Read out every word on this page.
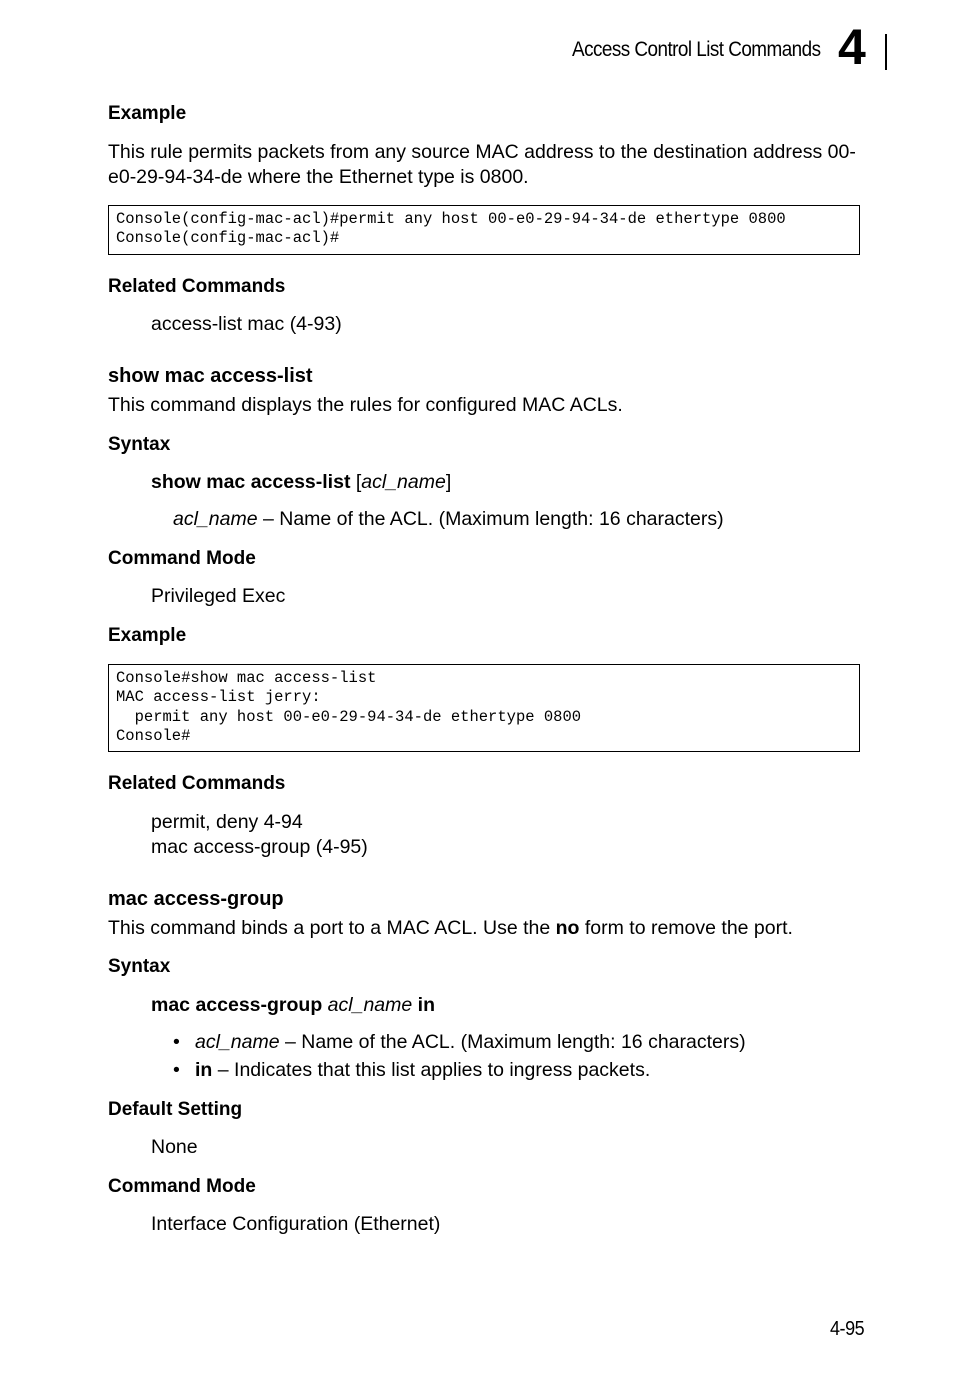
Access Control List Commands 4
Example
This rule permits packets from any source MAC address to the destination address 00-e0-29-94-34-de where the Ethernet type is 0800.
Console(config-mac-acl)#permit any host 00-e0-29-94-34-de ethertype 0800
Console(config-mac-acl)#
Related Commands
access-list mac (4-93)
show mac access-list
This command displays the rules for configured MAC ACLs.
Syntax
show mac access-list [acl_name]
acl_name – Name of the ACL. (Maximum length: 16 characters)
Command Mode
Privileged Exec
Example
Console#show mac access-list
MAC access-list jerry:
permit any host 00-e0-29-94-34-de ethertype 0800
Console#
Related Commands
permit, deny 4-94
mac access-group (4-95)
mac access-group
This command binds a port to a MAC ACL. Use the no form to remove the port.
Syntax
mac access-group acl_name in
• acl_name – Name of the ACL. (Maximum length: 16 characters)
• in – Indicates that this list applies to ingress packets.
Default Setting
None
Command Mode
Interface Configuration (Ethernet)
4-95
